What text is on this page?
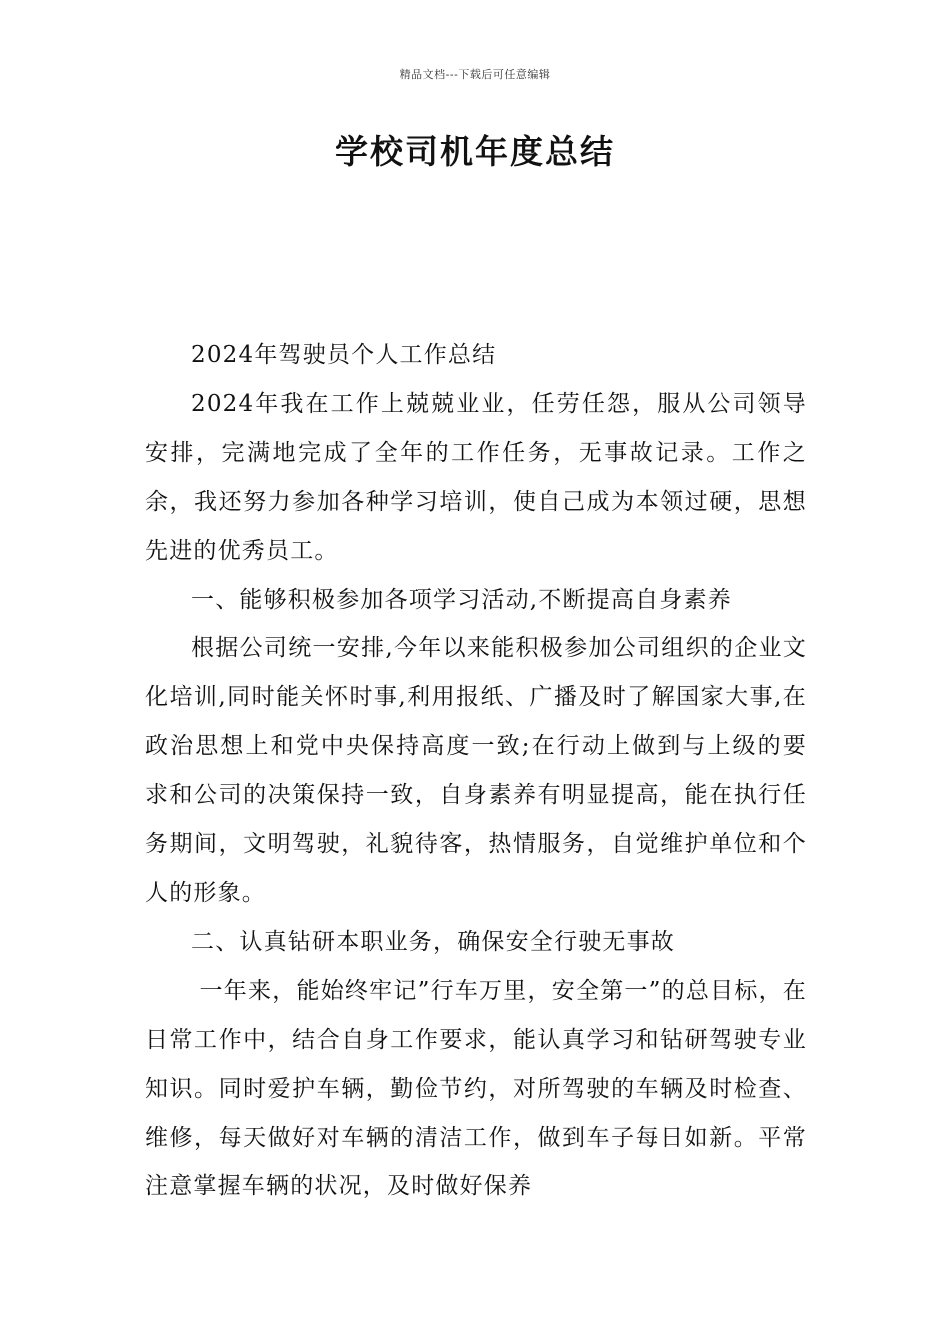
精品文档---下载后可任意编辑
学校司机年度总结

2024年驾驶员个人工作总结

2024年我在工作上兢兢业业，任劳任怨，服从公司领导安排，完满地完成了全年的工作任务，无事故记录。工作之余，我还努力参加各种学习培训，使自己成为本领过硬，思想先进的优秀员工。

一、能够积极参加各项学习活动,不断提高自身素养

根据公司统一安排,今年以来能积极参加公司组织的企业文化培训,同时能关怀时事,利用报纸、广播及时了解国家大事,在政治思想上和党中央保持高度一致;在行动上做到与上级的要求和公司的决策保持一致，自身素养有明显提高，能在执行任务期间，文明驾驶，礼貌待客，热情服务，自觉维护单位和个人的形象。

二、认真钻研本职业务，确保安全行驶无事故

一年来，能始终牢记”行车万里，安全第一”的总目标，在日常工作中，结合自身工作要求，能认真学习和钻研驾驶专业知识。同时爱护车辆，勤俭节约，对所驾驶的车辆及时检查、维修，每天做好对车辆的清洁工作，做到车子每日如新。平常注意掌握车辆的状况，及时做好保养
